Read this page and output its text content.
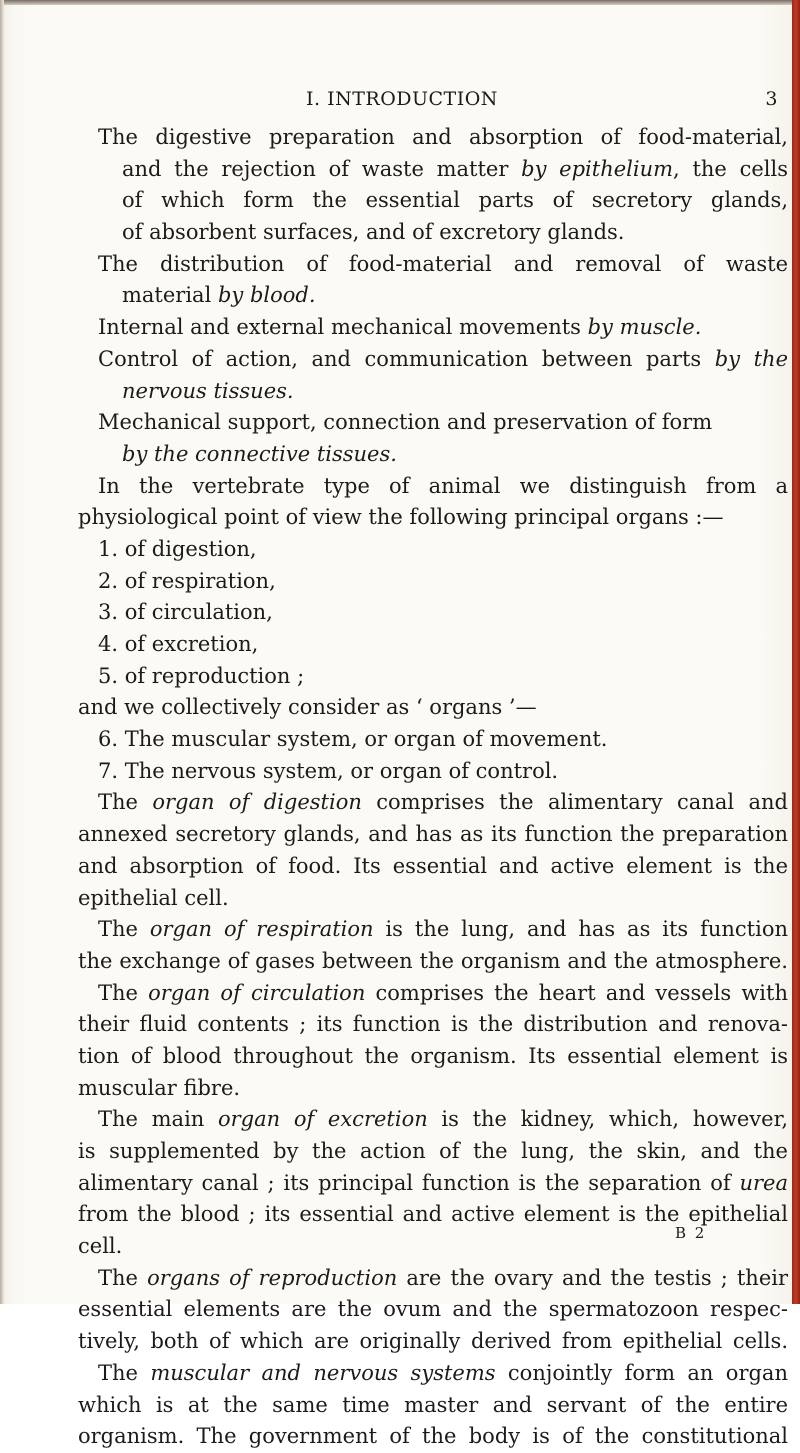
I. INTRODUCTION	3
The digestive preparation and absorption of food-material,
and the rejection of waste matter by epithelium, the cells
of which form the essential parts of secretory glands,
of absorbent surfaces, and of excretory glands.
The distribution of food-material and removal of waste
material by blood.
Internal and external mechanical movements by muscle.
Control of action, and communication between parts by the
nervous tissues.
Mechanical support, connection and preservation of form
by the connective tissues.
In the vertebrate type of animal we distinguish from a
physiological point of view the following principal organs :—
1. of digestion,
2. of respiration,
3. of circulation,
4. of excretion,
5. of reproduction ;
and we collectively consider as ‘ organs ’—
6. The muscular system, or organ of movement.
7. The nervous system, or organ of control.
The organ of digestion comprises the alimentary canal and
annexed secretory glands, and has as its function the preparation
and absorption of food. Its essential and active element is the
epithelial cell.
The organ of respiration is the lung, and has as its function
the exchange of gases between the organism and the atmosphere.
The organ of circulation comprises the heart and vessels with
their fluid contents ; its function is the distribution and renova-
tion of blood throughout the organism. Its essential element is
muscular fibre.
The main organ of excretion is the kidney, which, however,
is supplemented by the action of the lung, the skin, and the
alimentary canal ; its principal function is the separation of urea
from the blood ; its essential and active element is the epithelial
cell.
The organs of reproduction are the ovary and the testis ; their
essential elements are the ovum and the spermatozoon respec-
tively, both of which are originally derived from epithelial cells.
The muscular and nervous systems conjointly form an organ
which is at the same time master and servant of the entire
organism. The government of the body is of the constitutional
B 2
